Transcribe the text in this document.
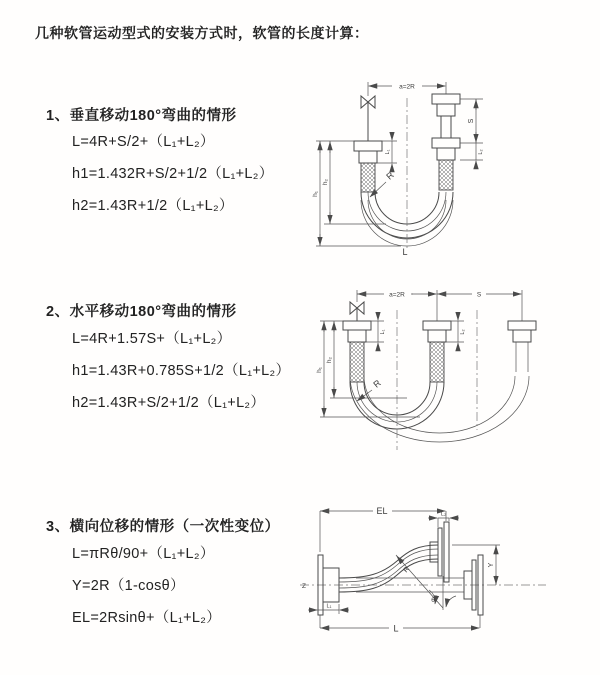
几种软管运动型式的安装方式时，软管的长度计算：
1、垂直移动180°弯曲的情形
L=4R+S/2+（L₁+L₂）
h1=1.432R+S/2+1/2（L₁+L₂）
h2=1.43R+1/2（L₁+L₂）
2、水平移动180°弯曲的情形
L=4R+1.57S+（L₁+L₂）
h1=1.43R+0.785S+1/2（L₁+L₂）
h2=1.43R+S/2+1/2（L₁+L₂）
3、横向位移的情形（一次性变位）
L=πRθ/90+（L₁+L₂）
Y=2R（1-cosθ）
EL=2Rsinθ+（L₁+L₂）
a=2R
h₁
h₂
L₁
S
L₂
R
L
a=2R	S
h₁
h₂
L₁	L₂
R
Z
θ
R
EL	L₂
Y
L
L₁
